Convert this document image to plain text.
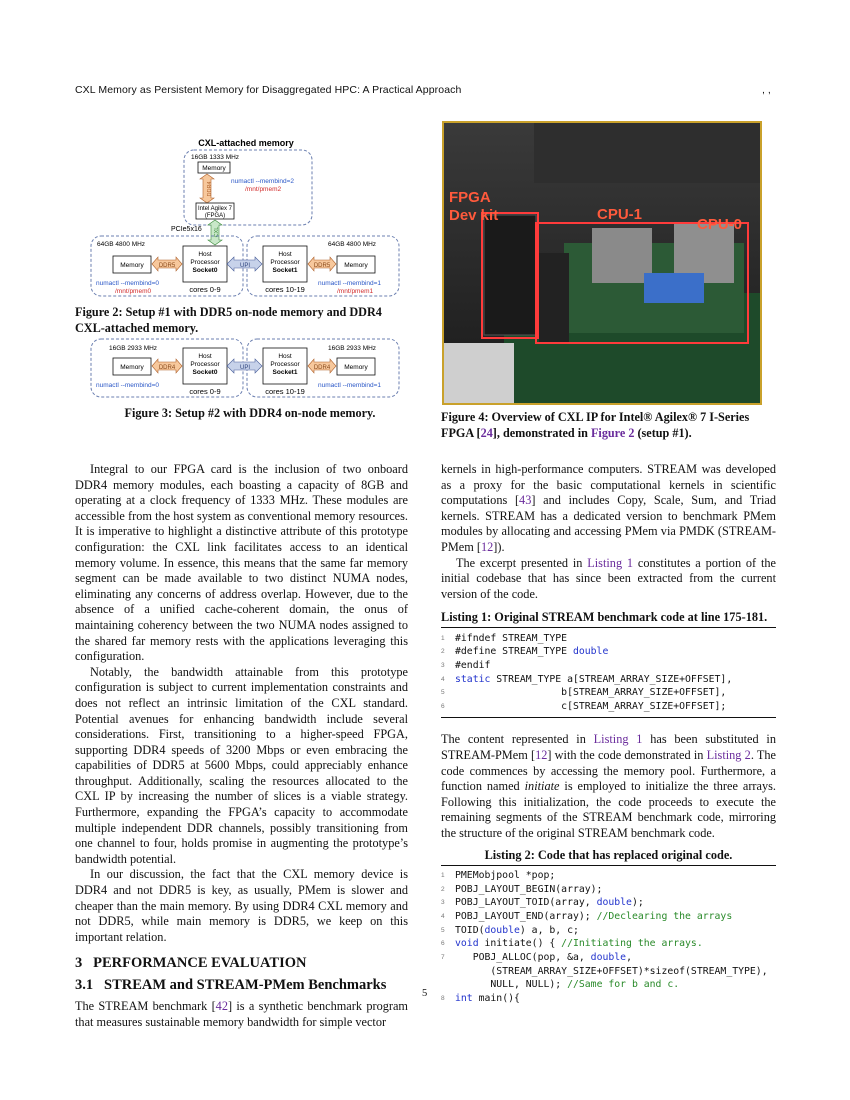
CXL Memory as Persistent Memory for Disaggregated HPC: A Practical Approach	, ,
CXL-attached memory
16GB 1333 MHz
Memory
DDR4
numactl --membind=2
/mnt/pmem2
Intel Agilex 7
(FPGA)
PCIe5x16 CXL
64GB 4800 MHz	64GB 4800 MHz
Memory	DDR5
Host
Processor
Socket0
UPI
Host
Processor
Socket1
DDR5 Memory
cores 0-9	cores 10-19
numactl --membind=0
/mnt/pmem0
numactl --membind=1
/mnt/pmem1
Figure 2: Setup #1 with DDR5 on-node memory and DDR4 CXL-attached memory.
16GB 2933 MHz	16GB 2933 MHz
Memory	DDR4
Host
Processor
Socket0
UPI
Host
Processor
Socket1
DDR4 Memory
cores 0-9	cores 10-19
numactl --membind=0	numactl --membind=1
Figure 3: Setup #2 with DDR4 on-node memory.
FPGA
Dev kit	CPU-1
CPU-0
Figure 4: Overview of CXL IP for Intel® Agilex® 7 I-Series FPGA [24], demonstrated in Figure 2 (setup #1).

Integral to our FPGA card is the inclusion of two onboard DDR4 memory modules, each boasting a capacity of 8GB and operating at a clock frequency of 1333 MHz. These modules are accessible from the host system as conventional memory resources. It is imperative to highlight a distinctive attribute of this prototype configuration: the CXL link facilitates access to an identical memory volume. In essence, this means that the same far memory segment can be made available to two distinct NUMA nodes, eliminating any concerns of address overlap. However, due to the absence of a unified cache-coherent domain, the onus of maintaining coherency between the two NUMA nodes assigned to the shared far memory rests with the applications leveraging this configuration.

Notably, the bandwidth attainable from this prototype configuration is subject to current implementation constraints and does not reflect an intrinsic limitation of the CXL standard. Potential avenues for enhancing bandwidth include several considerations. First, transitioning to a higher-speed FPGA, supporting DDR4 speeds of 3200 Mbps or even embracing the capabilities of DDR5 at 5600 Mbps, could appreciably enhance throughput. Additionally, scaling the resources allocated to the CXL IP by increasing the number of slices is a viable strategy. Furthermore, expanding the FPGA’s capacity to accommodate multiple independent DDR channels, possibly transitioning from one channel to four, holds promise in augmenting the prototype’s bandwidth potential.

In our discussion, the fact that the CXL memory device is DDR4 and not DDR5 is key, as usually, PMem is slower and cheaper than the main memory. By using DDR4 CXL memory and not DDR5, while main memory is DDR5, we keep on this important relation.

3   PERFORMANCE EVALUATION

3.1   STREAM and STREAM-PMem Benchmarks

The STREAM benchmark [42] is a synthetic benchmark program that measures sustainable memory bandwidth for simple vector

kernels in high-performance computers. STREAM was developed as a proxy for the basic computational kernels in scientific computations [43] and includes Copy, Scale, Sum, and Triad kernels. STREAM has a dedicated version to benchmark PMem modules by allocating and accessing PMem via PMDK (STREAM-PMem [12]).

The excerpt presented in Listing 1 constitutes a portion of the initial codebase that has since been extracted from the current version of the code.

Listing 1: Original STREAM benchmark code at line 175-181.
1	#ifndef STREAM_TYPE
2	#define STREAM_TYPE double
3	#endif
4	static STREAM_TYPE a[STREAM_ARRAY_SIZE+OFFSET],
5	b[STREAM_ARRAY_SIZE+OFFSET],
6	c[STREAM_ARRAY_SIZE+OFFSET];

The content represented in Listing 1 has been substituted in STREAM-PMem [12] with the code demonstrated in Listing 2. The code commences by accessing the memory pool. Furthermore, a function named initiate is employed to initialize the three arrays. Following this initialization, the code proceeds to execute the remaining segments of the STREAM benchmark code, mirroring the structure of the original STREAM benchmark code.

Listing 2: Code that has replaced original code.
1	PMEMobjpool *pop;
2	POBJ_LAYOUT_BEGIN(array);
3	POBJ_LAYOUT_TOID(array, double);
4	POBJ_LAYOUT_END(array); //Declearing the arrays
5	TOID(double) a, b, c;
6	void initiate() { //Initiating the arrays.
7	POBJ_ALLOC(pop, &a, double,
(STREAM_ARRAY_SIZE+OFFSET)*sizeof(STREAM_TYPE),
NULL, NULL); //Same for b and c.
8	int main(){
5
